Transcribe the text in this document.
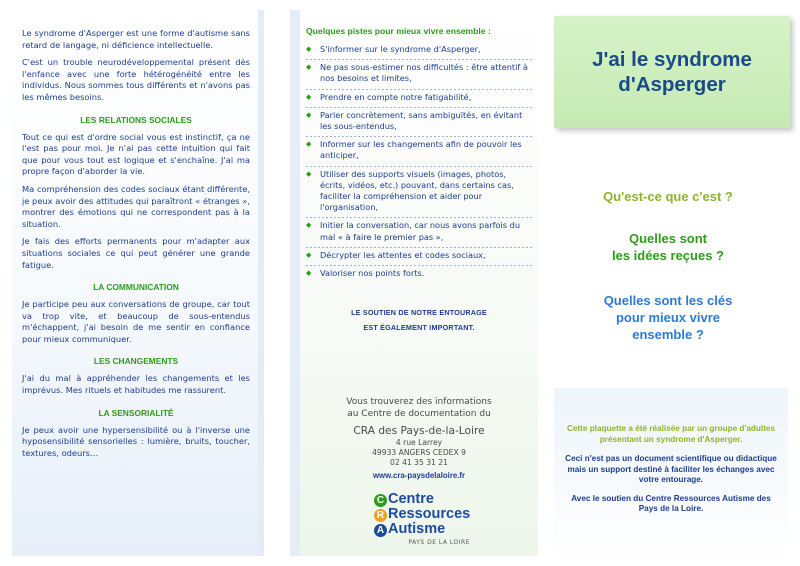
Le syndrome d'Asperger est une forme d'autisme sans retard de langage, ni déficience intellectuelle.

C'est un trouble neurodéveloppemental présent dès l'enfance avec une forte hétérogénéité entre les individus. Nous sommes tous différents et n'avons pas les mêmes besoins.

LES RELATIONS SOCIALES

Tout ce qui est d'ordre social vous est instinctif, ça ne l'est pas pour moi. Je n'ai pas cette intuition qui fait que pour vous tout est logique et s'enchaîne. J'ai ma propre façon d'aborder la vie.

Ma compréhension des codes sociaux étant différente, je peux avoir des attitudes qui paraîtront « étranges », montrer des émotions qui ne correspondent pas à la situation.

Je fais des efforts permanents pour m'adapter aux situations sociales ce qui peut générer une grande fatigue.

LA COMMUNICATION

Je participe peu aux conversations de groupe, car tout va trop vite, et beaucoup de sous-entendus m'échappent, j'ai besoin de me sentir en confiance pour mieux communiquer.

LES CHANGEMENTS

J'ai du mal à appréhender les changements et les imprévus. Mes rituels et habitudes me rassurent.

LA SENSORIALITÉ

Je peux avoir une hypersensibilité ou à l'inverse une hyposensibilité sensorielles : lumière, bruits, toucher, textures, odeurs…

Quelques pistes pour mieux vivre ensemble :
◆	S'informer sur le syndrome d'Asperger,
◆	Ne pas sous-estimer nos difficultés : être attentif à nos besoins et limites,
◆	Prendre en compte notre fatigabilité,
◆	Parler concrètement, sans ambiguïtés, en évitant les sous-entendus,
◆	Informer sur les changements afin de pouvoir les anticiper,
◆	Utiliser des supports visuels (images, photos, écrits, vidéos, etc.) pouvant, dans certains cas, faciliter la compréhension et aider pour l'organisation,
◆	Initier la conversation, car nous avons parfois du mal « à faire le premier pas »,
◆	Décrypter les attentes et codes sociaux,
◆	Valoriser nos points forts.
LE SOUTIEN DE NOTRE ENTOURAGE
EST ÉGALEMENT IMPORTANT.
Vous trouverez des informations
au Centre de documentation du
CRA des Pays-de-la-Loire
4 rue Larrey
49933 ANGERS CEDEX 9
02 41 35 31 21
www.cra-paysdelaloire.fr
C Centre
R Ressources
A Autisme
PAYS DE LA LOIRE
J'ai le syndrome
d'Asperger
Qu'est-ce que c'est ?
Quelles sont
les idées reçues ?
Quelles sont les clés
pour mieux vivre
ensemble ?
Cette plaquette a été réalisée par un groupe d'adultes présentant un syndrome d'Asperger.
Ceci n'est pas un document scientifique ou didactique mais un support destiné à faciliter les échanges avec votre entourage.
Avec le soutien du Centre Ressources Autisme des Pays de la Loire.
